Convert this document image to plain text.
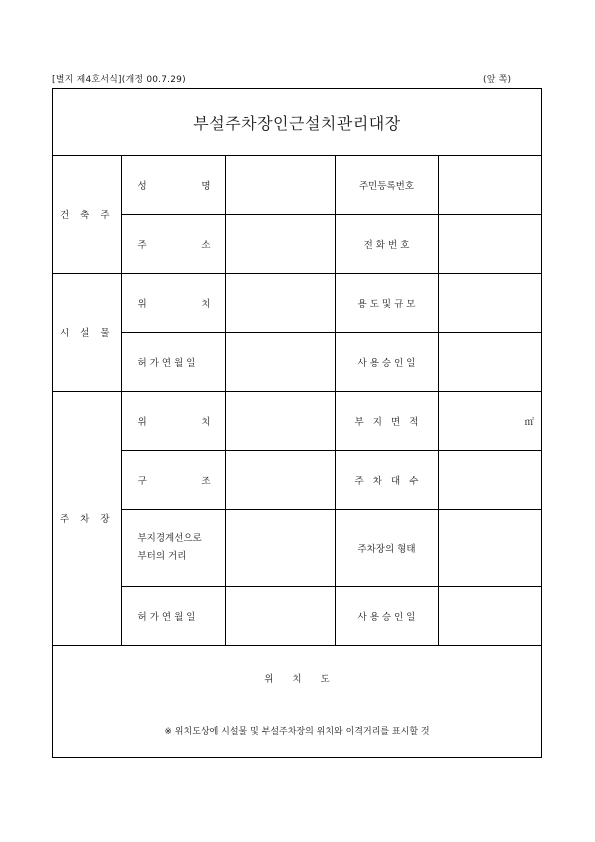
[별지 제4호서식](개정 00.7.29)	(앞 쪽)
부설주차장인근설치관리대장
건 축 주	성 명		주민등록번호	

	주 소		전 화 번 호	
시 설 물	위 치		용 도 및 규 모	
	허 가 연 월 일		사 용 승 인 일	
주 차 장	위 치		부   지   면   적	㎡

	구 조		주   차   대   수	

	부지경계선으로
부터의 거리		주차장의 형태	
	허 가 연 월 일		사 용 승 인 일	
위 치 도
※ 위치도상에 시설물 및 부설주차장의 위치와 이격거리를 표시할 것
